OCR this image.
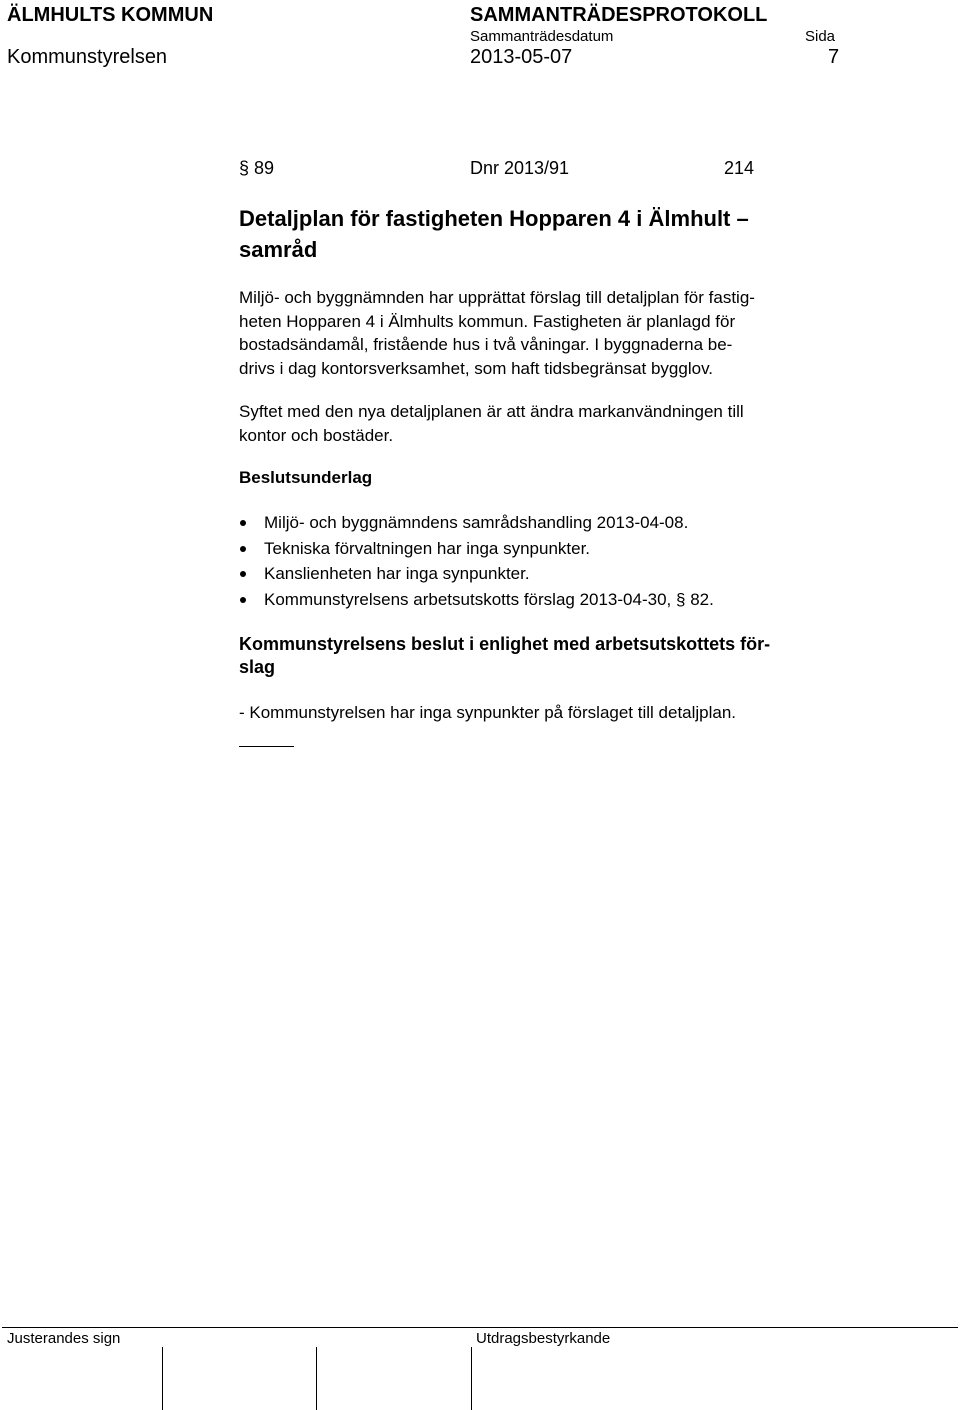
ÄLMHULTS KOMMUN	SAMMANTRÄDESPROTOKOLL
Sammanträdesdatum	Sida
Kommunstyrelsen	2013-05-07	7
§ 89	Dnr 2013/91	214
Detaljplan för fastigheten Hopparen 4 i Älmhult –
samråd
Miljö- och byggnämnden har upprättat förslag till detaljplan för fastig-
heten Hopparen 4 i Älmhults kommun. Fastigheten är planlagd för
bostadsändamål, fristående hus i två våningar. I byggnaderna be-
drivs i dag kontorsverksamhet, som haft tidsbegränsat bygglov.
Syftet med den nya detaljplanen är att ändra markanvändningen till
kontor och bostäder.
Beslutsunderlag
Miljö- och byggnämndens samrådshandling 2013-04-08.
Tekniska förvaltningen har inga synpunkter.
Kanslienheten har inga synpunkter.
Kommunstyrelsens arbetsutskotts förslag 2013-04-30, § 82.
Kommunstyrelsens beslut i enlighet med arbetsutskottets för-
slag
- Kommunstyrelsen har inga synpunkter på förslaget till detaljplan.
Justerandes sign	Utdragsbestyrkande
